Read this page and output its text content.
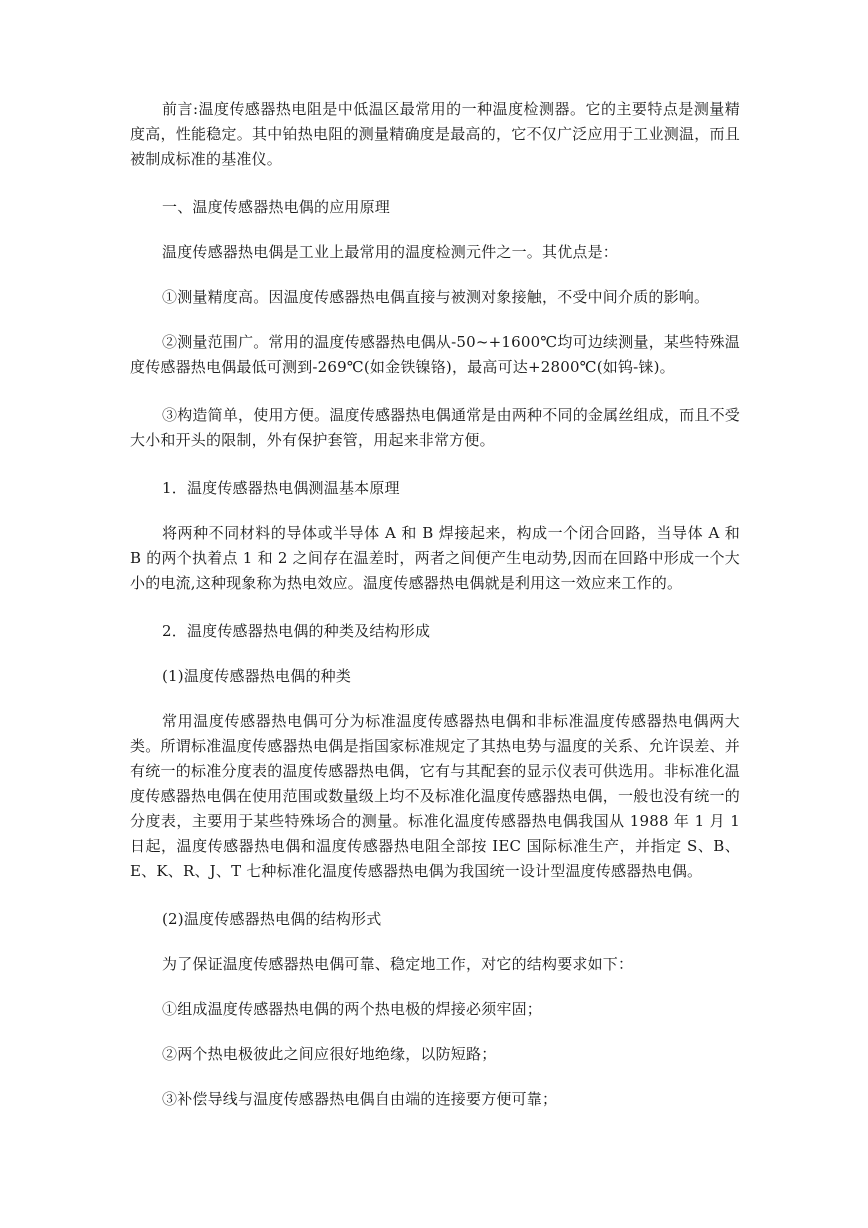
前言:温度传感器热电阻是中低温区最常用的一种温度检测器。它的主要特点是测量精度高，性能稳定。其中铂热电阻的测量精确度是最高的，它不仅广泛应用于工业测温，而且被制成标准的基准仪。

一、温度传感器热电偶的应用原理

温度传感器热电偶是工业上最常用的温度检测元件之一。其优点是：

①测量精度高。因温度传感器热电偶直接与被测对象接触，不受中间介质的影响。

②测量范围广。常用的温度传感器热电偶从-50~+1600℃均可边续测量，某些特殊温度传感器热电偶最低可测到-269℃(如金铁镍铬)，最高可达+2800℃(如钨-铼)。

③构造简单，使用方便。温度传感器热电偶通常是由两种不同的金属丝组成，而且不受大小和开头的限制，外有保护套管，用起来非常方便。

1．温度传感器热电偶测温基本原理

将两种不同材料的导体或半导体 A 和 B 焊接起来，构成一个闭合回路，当导体 A 和 B 的两个执着点 1 和 2 之间存在温差时，两者之间便产生电动势,因而在回路中形成一个大小的电流,这种现象称为热电效应。温度传感器热电偶就是利用这一效应来工作的。

2．温度传感器热电偶的种类及结构形成

(1)温度传感器热电偶的种类

常用温度传感器热电偶可分为标准温度传感器热电偶和非标准温度传感器热电偶两大类。所谓标准温度传感器热电偶是指国家标准规定了其热电势与温度的关系、允许误差、并有统一的标准分度表的温度传感器热电偶，它有与其配套的显示仪表可供选用。非标准化温度传感器热电偶在使用范围或数量级上均不及标准化温度传感器热电偶，一般也没有统一的分度表，主要用于某些特殊场合的测量。标准化温度传感器热电偶我国从 1988 年 1 月 1 日起，温度传感器热电偶和温度传感器热电阻全部按 IEC 国际标准生产，并指定 S、B、E、K、R、J、T 七种标准化温度传感器热电偶为我国统一设计型温度传感器热电偶。

(2)温度传感器热电偶的结构形式

为了保证温度传感器热电偶可靠、稳定地工作，对它的结构要求如下：

①组成温度传感器热电偶的两个热电极的焊接必须牢固；

②两个热电极彼此之间应很好地绝缘，以防短路；

③补偿导线与温度传感器热电偶自由端的连接要方便可靠；
